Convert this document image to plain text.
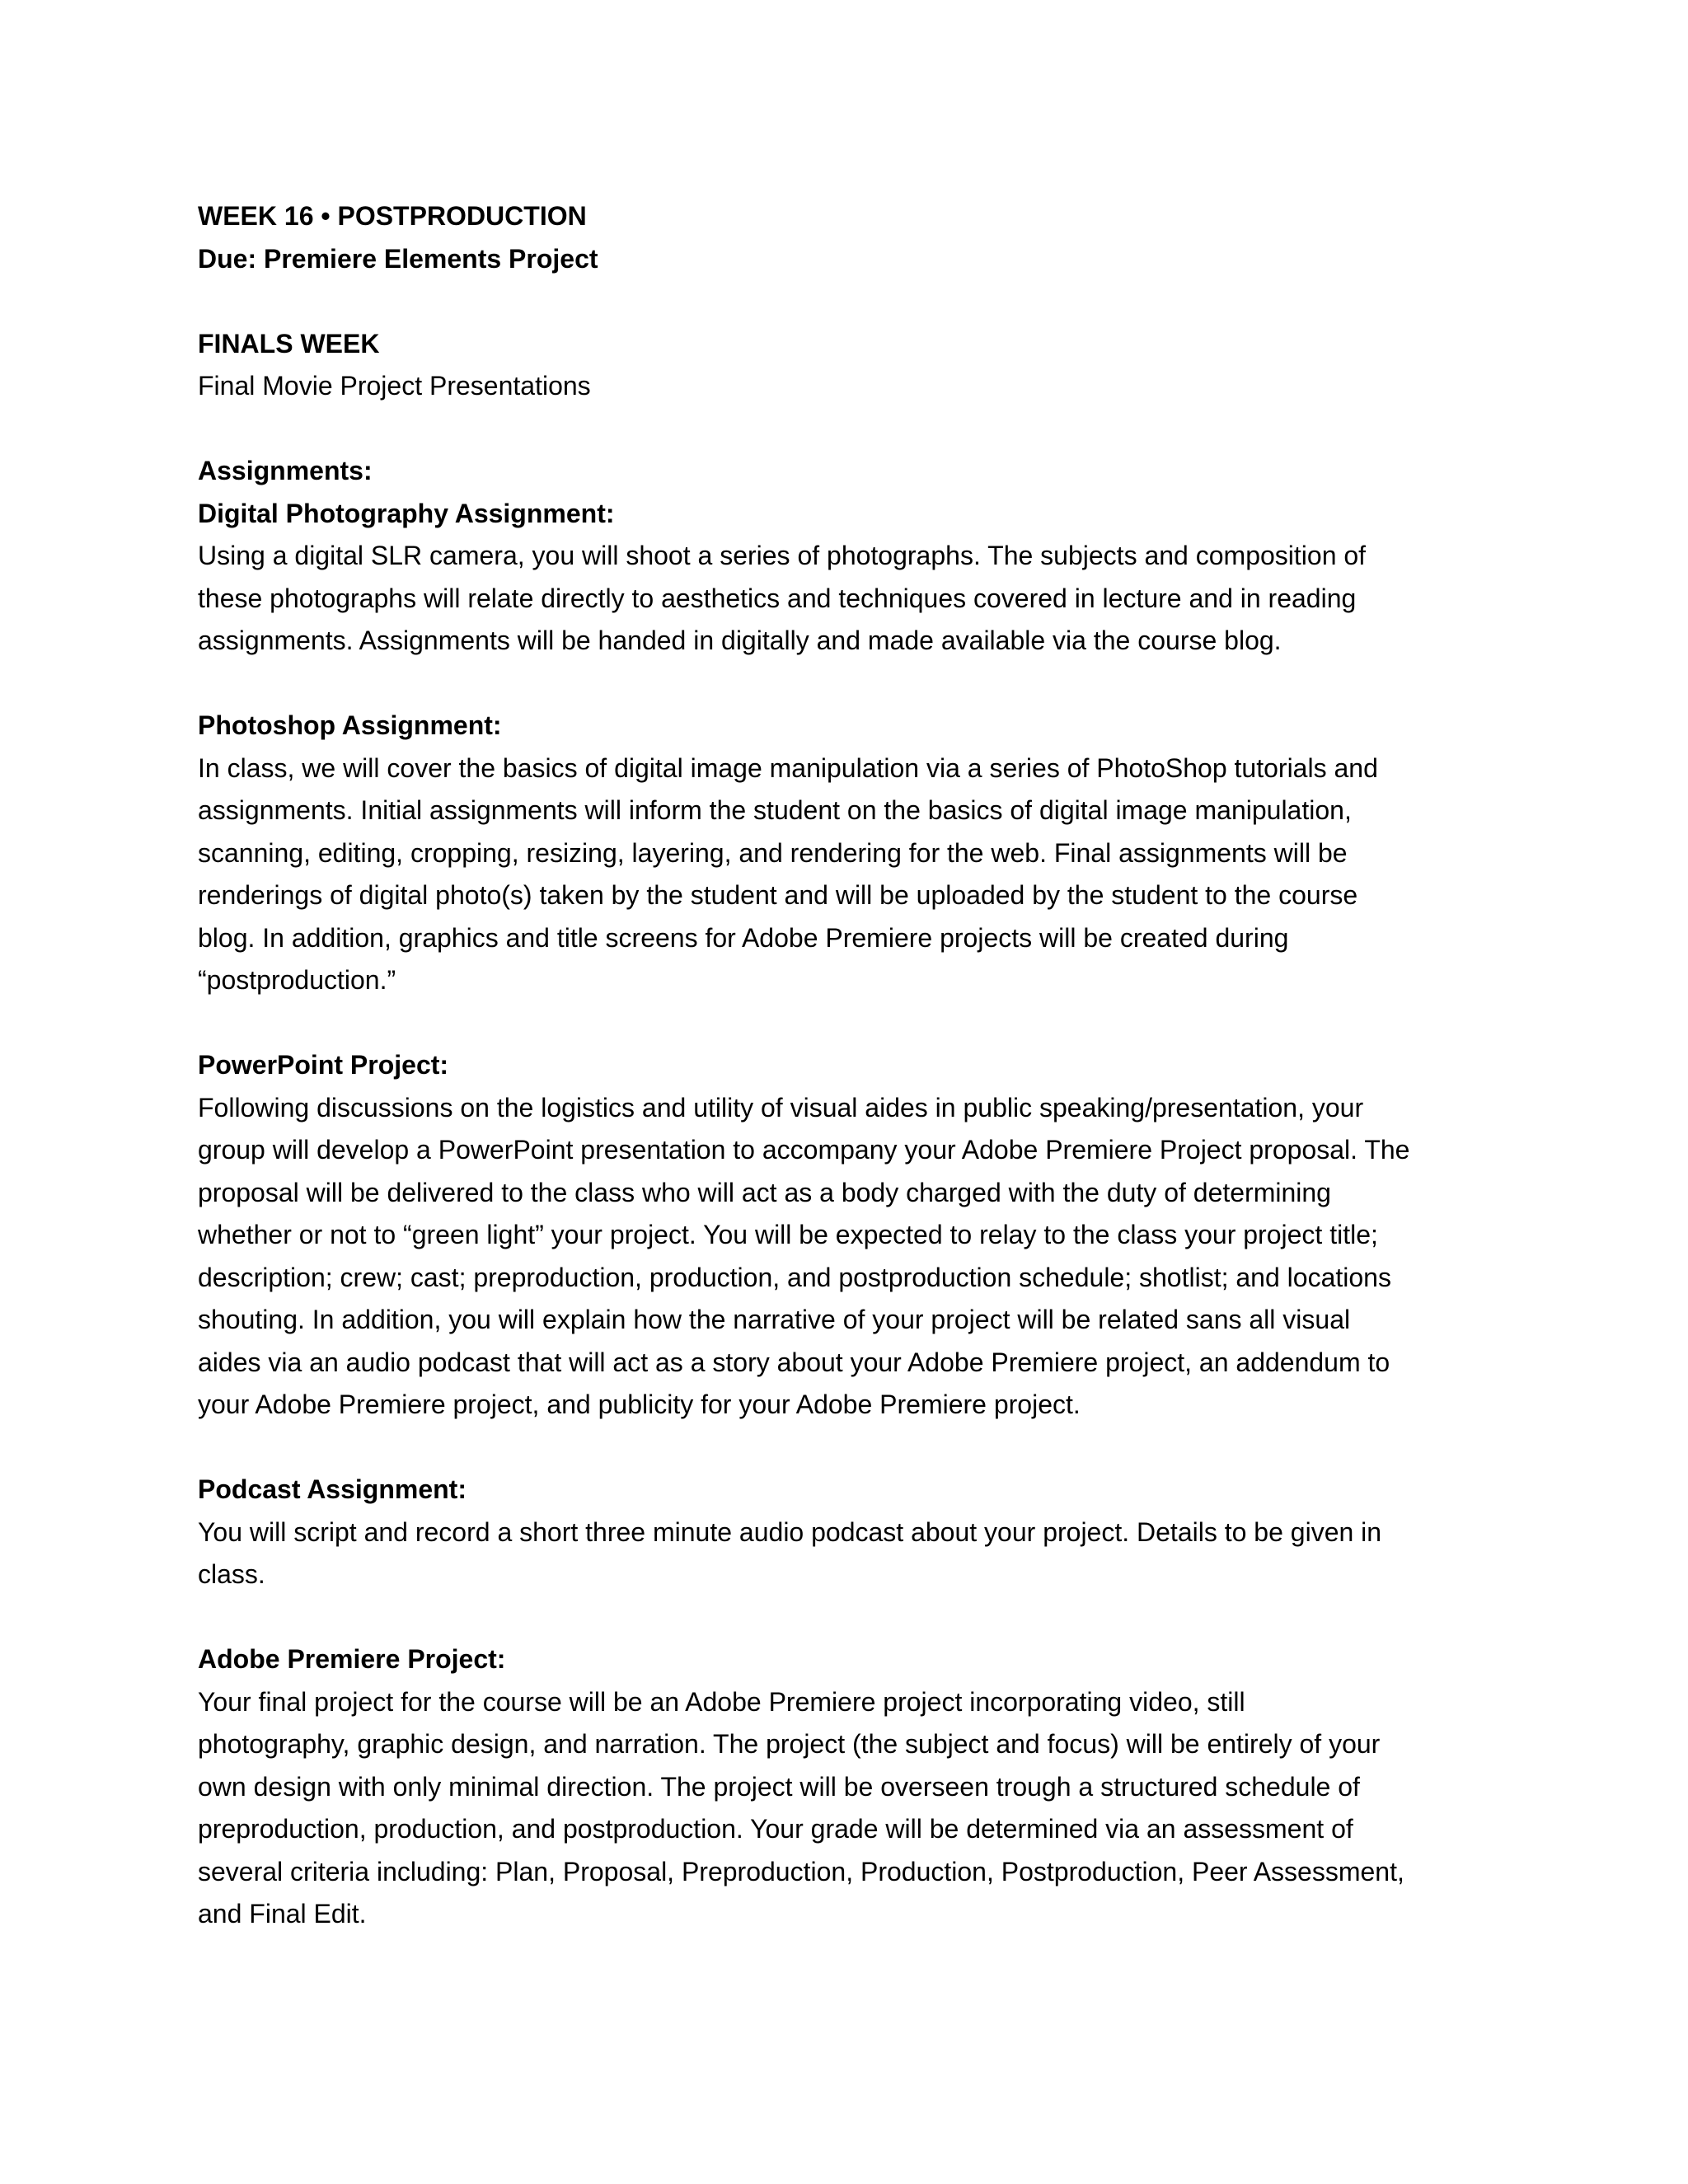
WEEK 16 • POSTPRODUCTION
Due: Premiere Elements Project
FINALS WEEK
Final Movie Project Presentations
Assignments:
Digital Photography Assignment:
Using a digital SLR camera, you will shoot a series of photographs. The subjects and composition of
these photographs will relate directly to aesthetics and techniques covered in lecture and in reading
assignments. Assignments will be handed in digitally and made available via the course blog.
Photoshop Assignment:
In class, we will cover the basics of digital image manipulation via a series of PhotoShop tutorials and
assignments. Initial assignments will inform the student on the basics of digital image manipulation,
scanning, editing, cropping, resizing, layering, and rendering for the web. Final assignments will be
renderings of digital photo(s) taken by the student and will be uploaded by the student to the course
blog. In addition, graphics and title screens for Adobe Premiere projects will be created during
“postproduction.”
PowerPoint Project:
Following discussions on the logistics and utility of visual aides in public speaking/presentation, your
group will develop a PowerPoint presentation to accompany your Adobe Premiere Project proposal. The
proposal will be delivered to the class who will act as a body charged with the duty of determining
whether or not to “green light” your project. You will be expected to relay to the class your project title;
description; crew; cast; preproduction, production, and postproduction schedule; shotlist; and locations
shouting. In addition, you will explain how the narrative of your project will be related sans all visual
aides via an audio podcast that will act as a story about your Adobe Premiere project, an addendum to
your Adobe Premiere project, and publicity for your Adobe Premiere project.
Podcast Assignment:
You will script and record a short three minute audio podcast about your project. Details to be given in
class.
Adobe Premiere Project:
Your final project for the course will be an Adobe Premiere project incorporating video, still
photography, graphic design, and narration. The project (the subject and focus) will be entirely of your
own design with only minimal direction. The project will be overseen trough a structured schedule of
preproduction, production, and postproduction. Your grade will be determined via an assessment of
several criteria including: Plan, Proposal, Preproduction, Production, Postproduction, Peer Assessment,
and Final Edit.
